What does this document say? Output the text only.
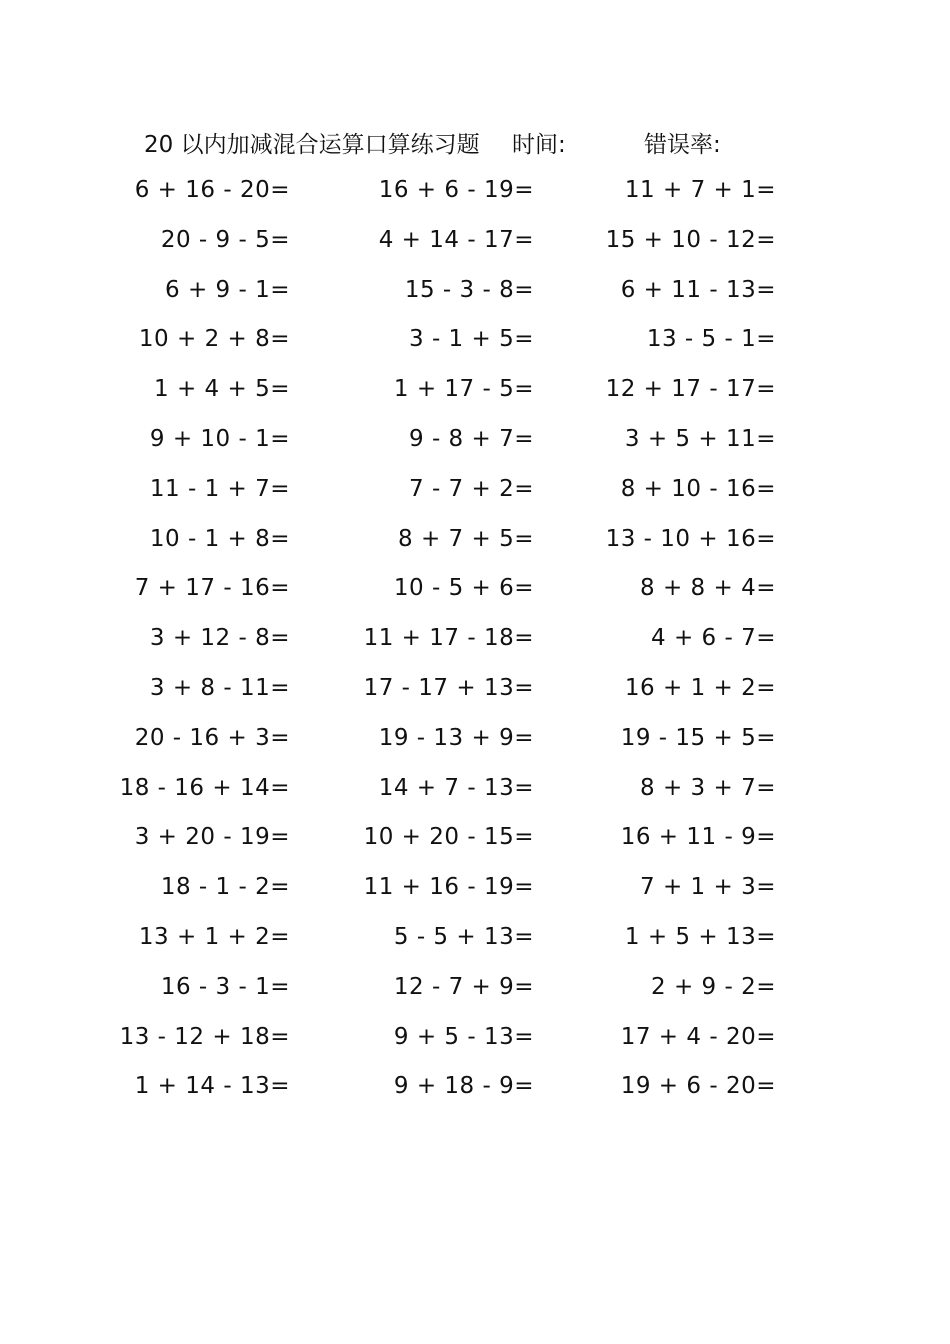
20 以内加减混合运算口算练习题 时间:	错误率:
6 + 16 - 20=	16 + 6 - 19=	11 + 7 + 1=
20 - 9 - 5=	4 + 14 - 17=	15 + 10 - 12=
6 + 9 - 1=	15 - 3 - 8=	6 + 11 - 13=
10 + 2 + 8=	3 - 1 + 5=	13 - 5 - 1=
1 + 4 + 5=	1 + 17 - 5=	12 + 17 - 17=
9 + 10 - 1=	9 - 8 + 7=	3 + 5 + 11=
11 - 1 + 7=	7 - 7 + 2=	8 + 10 - 16=
10 - 1 + 8=	8 + 7 + 5=	13 - 10 + 16=
7 + 17 - 16=	10 - 5 + 6=	8 + 8 + 4=
3 + 12 - 8=	11 + 17 - 18=	4 + 6 - 7=
3 + 8 - 11=	17 - 17 + 13=	16 + 1 + 2=
20 - 16 + 3=	19 - 13 + 9=	19 - 15 + 5=
18 - 16 + 14=	14 + 7 - 13=	8 + 3 + 7=
3 + 20 - 19=	10 + 20 - 15=	16 + 11 - 9=
18 - 1 - 2=	11 + 16 - 19=	7 + 1 + 3=
13 + 1 + 2=	5 - 5 + 13=	1 + 5 + 13=
16 - 3 - 1=	12 - 7 + 9=	2 + 9 - 2=
13 - 12 + 18=	9 + 5 - 13=	17 + 4 - 20=
1 + 14 - 13=	9 + 18 - 9=	19 + 6 - 20=
